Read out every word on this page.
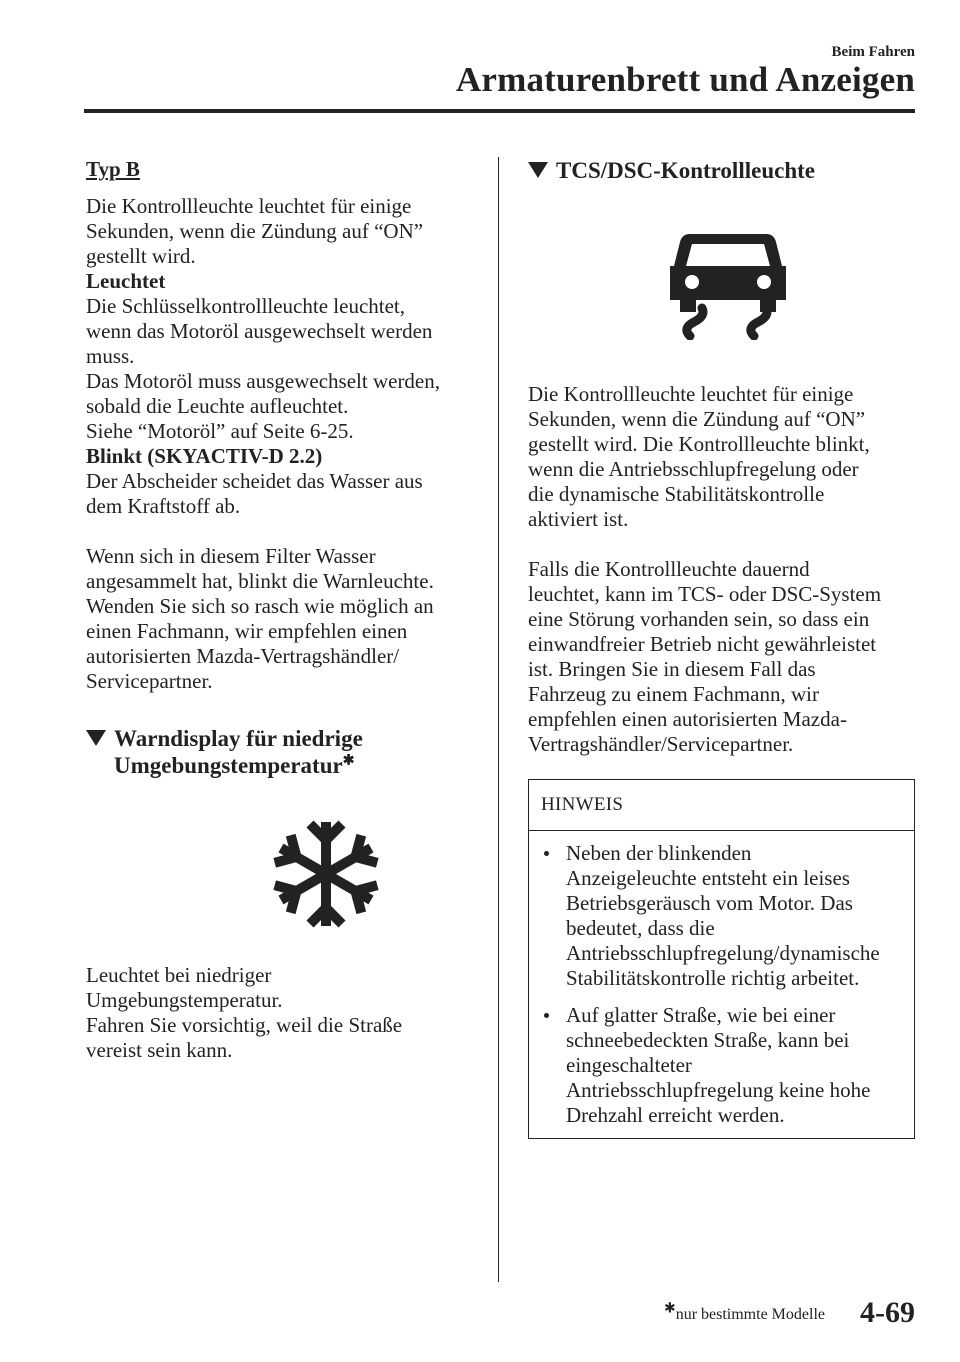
Beim Fahren
Armaturenbrett und Anzeigen
Typ B
Die Kontrollleuchte leuchtet für einige
Sekunden, wenn die Zündung auf “ON”
gestellt wird.
Leuchtet
Die Schlüsselkontrollleuchte leuchtet,
wenn das Motoröl ausgewechselt werden
muss.
Das Motoröl muss ausgewechselt werden,
sobald die Leuchte aufleuchtet.
Siehe “Motoröl” auf Seite 6-25.
Blinkt (SKYACTIV-D 2.2)
Der Abscheider scheidet das Wasser aus
dem Kraftstoff ab.
Wenn sich in diesem Filter Wasser
angesammelt hat, blinkt die Warnleuchte.
Wenden Sie sich so rasch wie möglich an
einen Fachmann, wir empfehlen einen
autorisierten Mazda-Vertragshändler/
Servicepartner.
Warndisplay für niedrige
Umgebungstemperatur✱
Leuchtet bei niedriger
Umgebungstemperatur.
Fahren Sie vorsichtig, weil die Straße
vereist sein kann.
TCS/DSC-Kontrollleuchte
Die Kontrollleuchte leuchtet für einige
Sekunden, wenn die Zündung auf “ON”
gestellt wird. Die Kontrollleuchte blinkt,
wenn die Antriebsschlupfregelung oder
die dynamische Stabilitätskontrolle
aktiviert ist.
Falls die Kontrollleuchte dauernd
leuchtet, kann im TCS- oder DSC-System
eine Störung vorhanden sein, so dass ein
einwandfreier Betrieb nicht gewährleistet
ist. Bringen Sie in diesem Fall das
Fahrzeug zu einem Fachmann, wir
empfehlen einen autorisierten Mazda-
Vertragshändler/Servicepartner.
HINWEIS
Neben der blinkenden
Anzeigeleuchte entsteht ein leises
Betriebsgeräusch vom Motor. Das
bedeutet, dass die
Antriebsschlupfregelung/dynamische
Stabilitätskontrolle richtig arbeitet.
Auf glatter Straße, wie bei einer
schneebedeckten Straße, kann bei
eingeschalteter
Antriebsschlupfregelung keine hohe
Drehzahl erreicht werden.
✱nur bestimmte Modelle 4-69
